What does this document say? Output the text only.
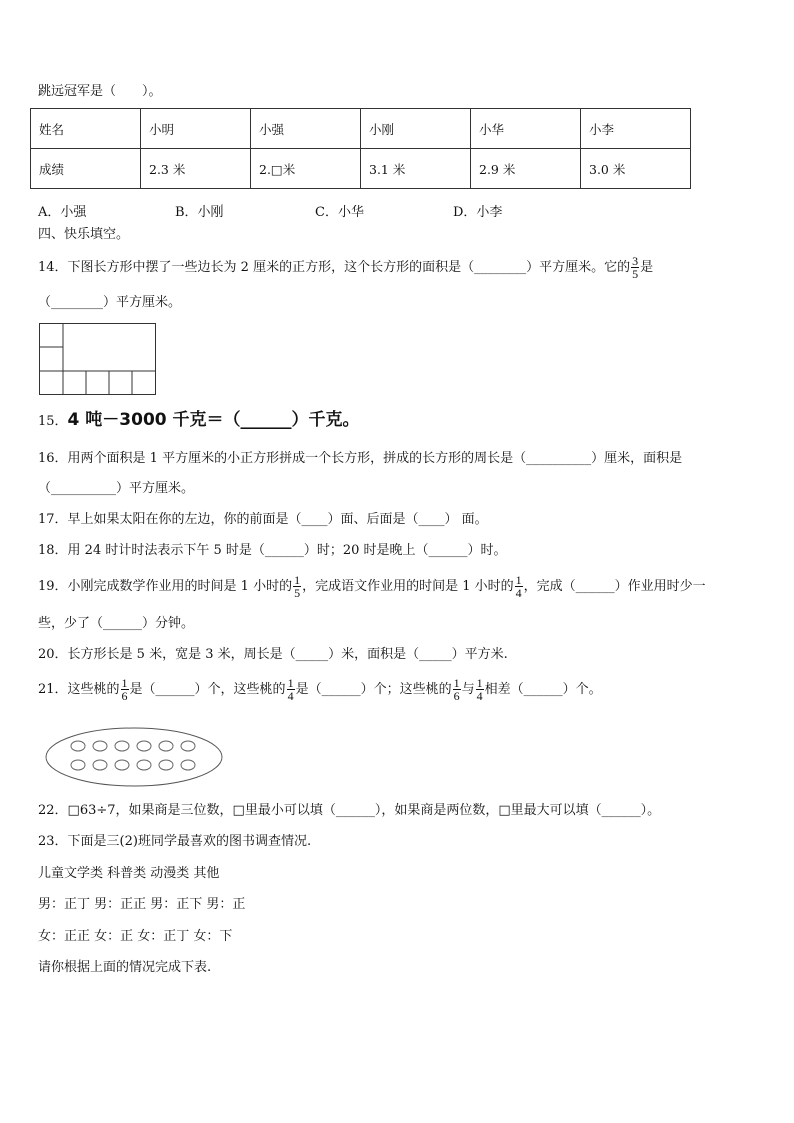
跳远冠军是（　　）。
姓名	小明	小强	小刚	小华	小李
成绩	2.3 米	2.□米	3.1 米	2.9 米	3.0 米
A．小强	B．小刚	C．小华	D．小李
四、快乐填空。
14．下图长方形中摆了一些边长为 2 厘米的正方形，这个长方形的面积是（________）平方厘米。它的 $\frac{3}{5}$ 是
（________）平方厘米。
15．4 吨－3000 千克＝（______）千克。
16．用两个面积是 1 平方厘米的小正方形拼成一个长方形，拼成的长方形的周长是（__________）厘米，面积是
（__________）平方厘米。
17．早上如果太阳在你的左边，你的前面是（____）面、后面是（____） 面。
18．用 24 时计时法表示下午 5 时是（______）时；20 时是晚上（______）时。
19．小刚完成数学作业用的时间是 1 小时的 $\frac{1}{5}$ ，完成语文作业用的时间是 1 小时的 $\frac{1}{4}$ ，完成（______）作业用时少一
些，少了（______）分钟。
20．长方形长是 5 米，宽是 3 米，周长是（_____）米，面积是（_____）平方米.
21．这些桃的 $\frac{1}{6}$ 是（______）个，这些桃的 $\frac{1}{4}$ 是（______）个；这些桃的 $\frac{1}{6}$ 与 $\frac{1}{4}$ 相差（______）个。
22．□63÷7，如果商是三位数，□里最小可以填（______），如果商是两位数，□里最大可以填（______）。
23．下面是三(2)班同学最喜欢的图书调查情况.
儿童文学类 科普类 动漫类 其他
男：正丁 男：正正 男：正下 男：正
女：正正 女：正 女：正丁 女：下
请你根据上面的情况完成下表.
